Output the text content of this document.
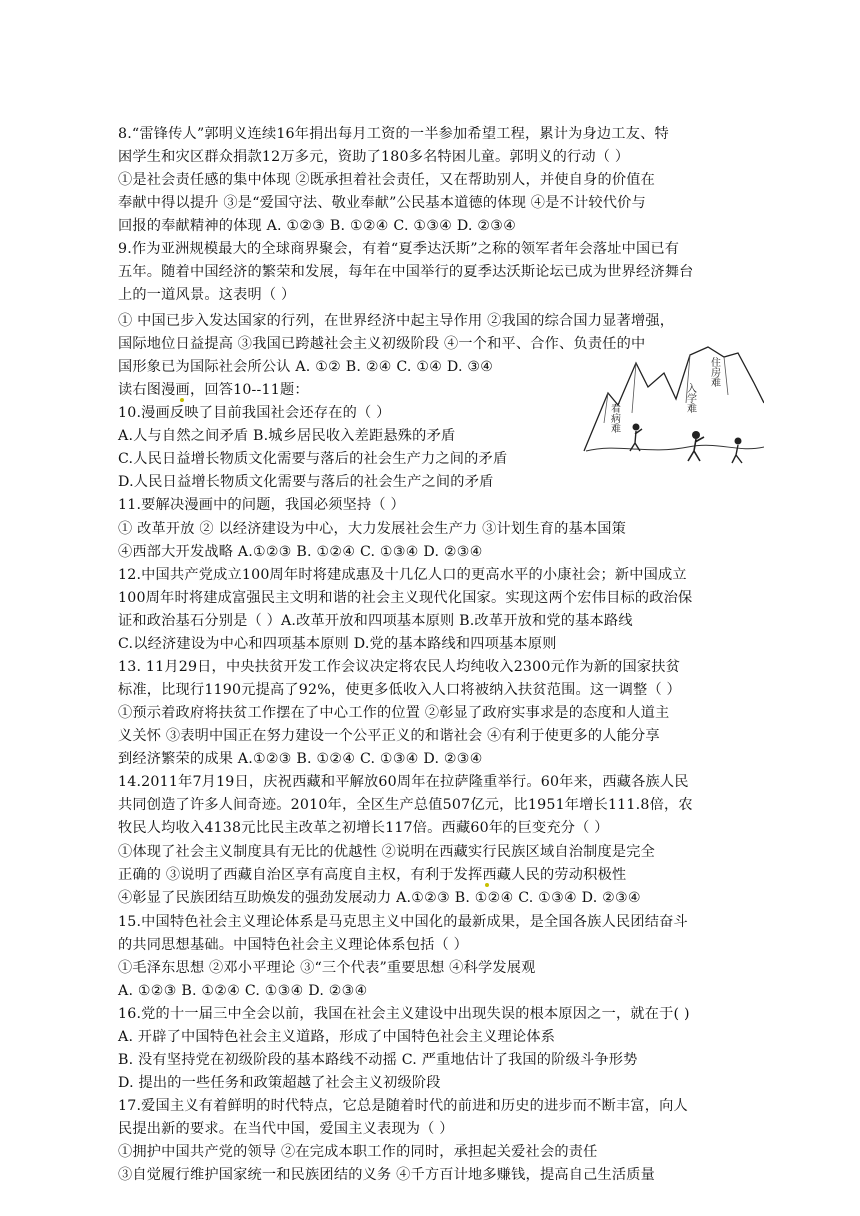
8.“雷锋传人”郭明义连续16年捐出每月工资的一半参加希望工程，累计为身边工友、特
困学生和灾区群众捐款12万多元，资助了180多名特困儿童。郭明义的行动（ ）
①是社会责任感的集中体现 ②既承担着社会责任，又在帮助别人，并使自身的价值在
奉献中得以提升 ③是“爱国守法、敬业奉献”公民基本道德的体现 ④是不计较代价与
回报的奉献精神的体现 A. ①②③ B. ①②④ C. ①③④ D. ②③④
9.作为亚洲规模最大的全球商界聚会，有着“夏季达沃斯”之称的领军者年会落址中国已有
五年。随着中国经济的繁荣和发展，每年在中国举行的夏季达沃斯论坛已成为世界经济舞台
上的一道风景。这表明（ ）
① 中国已步入发达国家的行列，在世界经济中起主导作用 ②我国的综合国力显著增强，
国际地位日益提高 ③我国已跨越社会主义初级阶段 ④一个和平、合作、负责任的中
国形象已为国际社会所公认 A. ①② B. ②④ C. ①④ D. ③④
读右图漫画，回答10--11题：
10.漫画反映了目前我国社会还存在的（ ）
A.人与自然之间矛盾 B.城乡居民收入差距悬殊的矛盾
C.人民日益增长物质文化需要与落后的社会生产力之间的矛盾
D.人民日益增长物质文化需要与落后的社会生产之间的矛盾
11.要解决漫画中的问题，我国必须坚持（ ）
① 改革开放 ② 以经济建设为中心，大力发展社会生产力 ③计划生育的基本国策
④西部大开发战略 A.①②③ B. ①②④ C. ①③④ D. ②③④
12.中国共产党成立100周年时将建成惠及十几亿人口的更高水平的小康社会；新中国成立
100周年时将建成富强民主文明和谐的社会主义现代化国家。实现这两个宏伟目标的政治保
证和政治基石分别是（ ）A.改革开放和四项基本原则 B.改革开放和党的基本路线
C.以经济建设为中心和四项基本原则 D.党的基本路线和四项基本原则
13. 11月29日，中央扶贫开发工作会议决定将农民人均纯收入2300元作为新的国家扶贫
标准，比现行1190元提高了92%，使更多低收入人口将被纳入扶贫范围。这一调整（ ）
①预示着政府将扶贫工作摆在了中心工作的位置 ②彰显了政府实事求是的态度和人道主
义关怀 ③表明中国正在努力建设一个公平正义的和谐社会 ④有利于使更多的人能分享
到经济繁荣的成果 A.①②③ B. ①②④ C. ①③④ D. ②③④
14.2011年7月19日，庆祝西藏和平解放60周年在拉萨隆重举行。60年来，西藏各族人民
共同创造了许多人间奇迹。2010年，全区生产总值507亿元，比1951年增长111.8倍，农
牧民人均收入4138元比民主改革之初增长117倍。西藏60年的巨变充分（ ）
①体现了社会主义制度具有无比的优越性 ②说明在西藏实行民族区域自治制度是完全
正确的 ③说明了西藏自治区享有高度自主权，有利于发挥西藏人民的劳动积极性
④彰显了民族团结互助焕发的强劲发展动力 A.①②③ B. ①②④ C. ①③④ D. ②③④
15.中国特色社会主义理论体系是马克思主义中国化的最新成果，是全国各族人民团结奋斗
的共同思想基础。中国特色社会主义理论体系包括（ ）
①毛泽东思想 ②邓小平理论 ③“三个代表”重要思想 ④科学发展观
A. ①②③ B. ①②④ C. ①③④ D. ②③④
16.党的十一届三中全会以前，我国在社会主义建设中出现失误的根本原因之一，就在于( )
A. 开辟了中国特色社会主义道路，形成了中国特色社会主义理论体系
B. 没有坚持党在初级阶段的基本路线不动摇 C. 严重地估计了我国的阶级斗争形势
D. 提出的一些任务和政策超越了社会主义初级阶段
17.爱国主义有着鲜明的时代特点，它总是随着时代的前进和历史的进步而不断丰富，向人
民提出新的要求。在当代中国，爱国主义表现为（ ）
①拥护中国共产党的领导 ②在完成本职工作的同时，承担起关爱社会的责任
③自觉履行维护国家统一和民族团结的义务 ④千方百计地多赚钱，提高自己生活质量
住房难
入学难
看病难
